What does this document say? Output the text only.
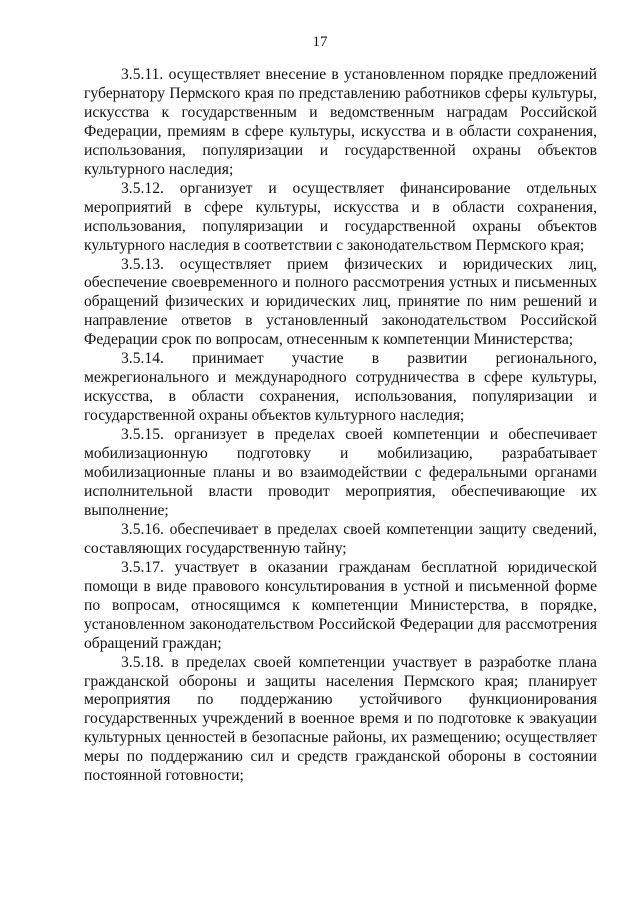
17

3.5.11. осуществляет внесение в установленном порядке предложений губернатору Пермского края по представлению работников сферы культуры, искусства к государственным и ведомственным наградам Российской Федерации, премиям в сфере культуры, искусства и в области сохранения, использования, популяризации и государственной охраны объектов культурного наследия;

3.5.12. организует и осуществляет финансирование отдельных мероприятий в сфере культуры, искусства и в области сохранения, использования, популяризации и государственной охраны объектов культурного наследия в соответствии с законодательством Пермского края;

3.5.13. осуществляет прием физических и юридических лиц, обеспечение своевременного и полного рассмотрения устных и письменных обращений физических и юридических лиц, принятие по ним решений и направление ответов в установленный законодательством Российской Федерации срок по вопросам, отнесенным к компетенции Министерства;

3.5.14. принимает участие в развитии регионального, межрегионального и международного сотрудничества в сфере культуры, искусства, в области сохранения, использования, популяризации и государственной охраны объектов культурного наследия;

3.5.15. организует в пределах своей компетенции и обеспечивает мобилизационную подготовку и мобилизацию, разрабатывает мобилизационные планы и во взаимодействии с федеральными органами исполнительной власти проводит мероприятия, обеспечивающие их выполнение;

3.5.16. обеспечивает в пределах своей компетенции защиту сведений, составляющих государственную тайну;

3.5.17. участвует в оказании гражданам бесплатной юридической помощи в виде правового консультирования в устной и письменной форме по вопросам, относящимся к компетенции Министерства, в порядке, установленном законодательством Российской Федерации для рассмотрения обращений граждан;

3.5.18. в пределах своей компетенции участвует в разработке плана гражданской обороны и защиты населения Пермского края; планирует мероприятия по поддержанию устойчивого функционирования государственных учреждений в военное время и по подготовке к эвакуации культурных ценностей в безопасные районы, их размещению; осуществляет меры по поддержанию сил и средств гражданской обороны в состоянии постоянной готовности;
